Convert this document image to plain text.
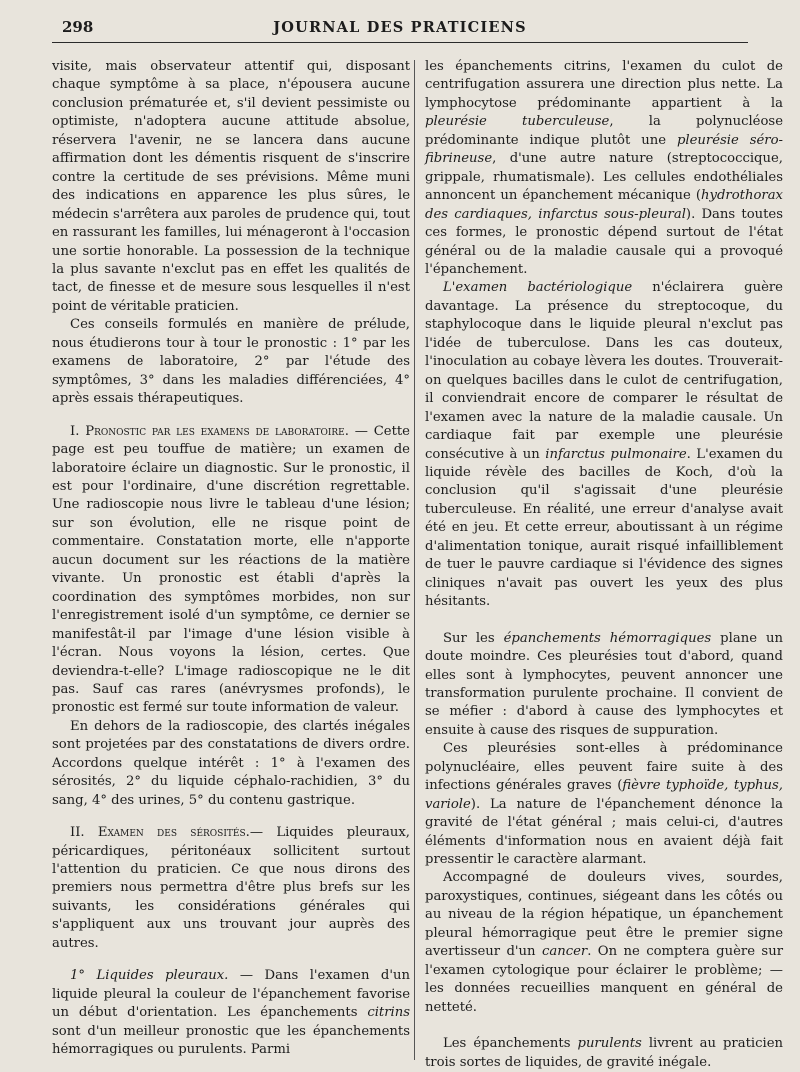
298	JOURNAL DES PRATICIENS

visite, mais observateur attentif qui, disposant chaque symptôme à sa place, n'épousera aucune conclusion prématurée et, s'il devient pessimiste ou optimiste, n'adoptera aucune attitude absolue, réservera l'avenir, ne se lancera dans aucune affirmation dont les démentis risquent de s'inscrire contre la certitude de ses prévisions. Même muni des indications en apparence les plus sûres, le médecin s'arrêtera aux paroles de prudence qui, tout en rassurant les familles, lui ménageront à l'occasion une sortie honorable. La possession de la technique la plus savante n'exclut pas en effet les qualités de tact, de finesse et de mesure sous lesquelles il n'est point de véritable praticien.

Ces conseils formulés en manière de prélude, nous étudierons tour à tour le pronostic : 1° par les examens de laboratoire, 2° par l'étude des symptômes, 3° dans les maladies différenciées, 4° après essais thérapeutiques.

I. Pronostic par les examens de laboratoire. — Cette page est peu touffue de matière; un examen de laboratoire éclaire un diagnostic. Sur le pronostic, il est pour l'ordinaire, d'une discrétion regrettable. Une radioscopie nous livre le tableau d'une lésion; sur son évolution, elle ne risque point de commentaire. Constatation morte, elle n'apporte aucun document sur les réactions de la matière vivante. Un pronostic est établi d'après la coordination des symptômes morbides, non sur l'enregistrement isolé d'un symptôme, ce dernier se manifestât-il par l'image d'une lésion visible à l'écran. Nous voyons la lésion, certes. Que deviendra-t-elle? L'image radioscopique ne le dit pas. Sauf cas rares (anévrysmes profonds), le pronostic est fermé sur toute information de valeur.

En dehors de la radioscopie, des clartés inégales sont projetées par des constatations de divers ordre. Accordons quelque intérêt : 1° à l'examen des sérosités, 2° du liquide céphalo-rachidien, 3° du sang, 4° des urines, 5° du contenu gastrique.

II. Examen des sérosités.— Liquides pleuraux, péricardiques, péritonéaux sollicitent surtout l'attention du praticien. Ce que nous dirons des premiers nous permettra d'être plus brefs sur les suivants, les considérations générales qui s'appliquent aux uns trouvant jour auprès des autres.

1° Liquides pleuraux. — Dans l'examen d'un liquide pleural la couleur de l'épanchement favorise un début d'orientation. Les épanchements citrins sont d'un meilleur pronostic que les épanchements hémorragiques ou purulents. Parmi

les épanchements citrins, l'examen du culot de centrifugation assurera une direction plus nette. La lymphocytose prédominante appartient à la pleurésie tuberculeuse, la polynucléose prédominante indique plutôt une pleurésie séro-fibrineuse, d'une autre nature (streptococcique, grippale, rhumatismale). Les cellules endothéliales annoncent un épanchement mécanique (hydrothorax des cardiaques, infarctus sous-pleural). Dans toutes ces formes, le pronostic dépend surtout de l'état général ou de la maladie causale qui a provoqué l'épanchement.

L'examen bactériologique n'éclairera guère davantage. La présence du streptocoque, du staphylocoque dans le liquide pleural n'exclut pas l'idée de tuberculose. Dans les cas douteux, l'inoculation au cobaye lèvera les doutes. Trouverait-on quelques bacilles dans le culot de centrifugation, il conviendrait encore de comparer le résultat de l'examen avec la nature de la maladie causale. Un cardiaque fait par exemple une pleurésie consécutive à un infarctus pulmonaire. L'examen du liquide révèle des bacilles de Koch, d'où la conclusion qu'il s'agissait d'une pleurésie tuberculeuse. En réalité, une erreur d'analyse avait été en jeu. Et cette erreur, aboutissant à un régime d'alimentation tonique, aurait risqué infailliblement de tuer le pauvre cardiaque si l'évidence des signes cliniques n'avait pas ouvert les yeux des plus hésitants.

Sur les épanchements hémorragiques plane un doute moindre. Ces pleurésies tout d'abord, quand elles sont à lymphocytes, peuvent annoncer une transformation purulente prochaine. Il convient de se méfier : d'abord à cause des lymphocytes et ensuite à cause des risques de suppuration.

Ces pleurésies sont-elles à prédominance polynucléaire, elles peuvent faire suite à des infections générales graves (fièvre typhoïde, typhus, variole). La nature de l'épanchement dénonce la gravité de l'état général ; mais celui-ci, d'autres éléments d'information nous en avaient déjà fait pressentir le caractère alarmant.

Accompagné de douleurs vives, sourdes, paroxystiques, continues, siégeant dans les côtés ou au niveau de la région hépatique, un épanchement pleural hémorragique peut être le premier signe avertisseur d'un cancer. On ne comptera guère sur l'examen cytologique pour éclairer le problème; — les données recueillies manquent en général de netteté.

Les épanchements purulents livrent au praticien trois sortes de liquides, de gravité inégale.
